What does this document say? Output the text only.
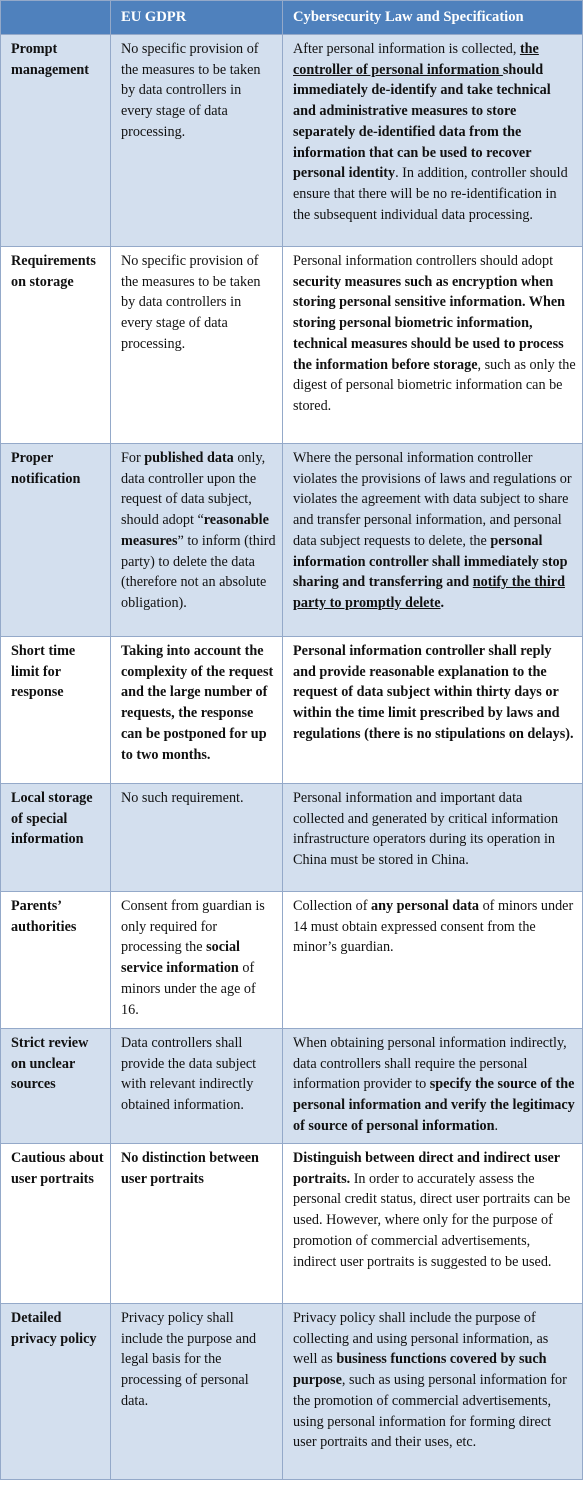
	EU GDPR	Cybersecurity Law and Specification
Prompt management	No specific provision of the measures to be taken by data controllers in every stage of data processing.	After personal information is collected, the controller of personal information should immediately de-identify and take technical and administrative measures to store separately de-identified data from the information that can be used to recover personal identity. In addition, controller should ensure that there will be no re-identification in the subsequent individual data processing.
Requirements on storage	No specific provision of the measures to be taken by data controllers in every stage of data processing.	Personal information controllers should adopt security measures such as encryption when storing personal sensitive information. When storing personal biometric information, technical measures should be used to process the information before storage, such as only the digest of personal biometric information can be stored.
Proper notification	For published data only, data controller upon the request of data subject, should adopt “reasonable measures” to inform (third party) to delete the data (therefore not an absolute obligation).	Where the personal information controller violates the provisions of laws and regulations or violates the agreement with data subject to share and transfer personal information, and personal data subject requests to delete, the personal information controller shall immediately stop sharing and transferring and notify the third party to promptly delete.
Short time limit for response	Taking into account the complexity of the request and the large number of requests, the response can be postponed for up to two months.	Personal information controller shall reply and provide reasonable explanation to the request of data subject within thirty days or within the time limit prescribed by laws and regulations (there is no stipulations on delays).
Local storage of special information	No such requirement.	Personal information and important data collected and generated by critical information infrastructure operators during its operation in China must be stored in China.
Parents’ authorities	Consent from guardian is only required for processing the social service information of minors under the age of 16.	Collection of any personal data of minors under 14 must obtain expressed consent from the minor’s guardian.
Strict review on unclear sources	Data controllers shall provide the data subject with relevant indirectly obtained information.	When obtaining personal information indirectly, data controllers shall require the personal information provider to specify the source of the personal information and verify the legitimacy of source of personal information.
Cautious about user portraits	No distinction between user portraits	Distinguish between direct and indirect user portraits. In order to accurately assess the personal credit status, direct user portraits can be used. However, where only for the purpose of promotion of commercial advertisements, indirect user portraits is suggested to be used.
Detailed privacy policy	Privacy policy shall include the purpose and legal basis for the processing of personal data.	Privacy policy shall include the purpose of collecting and using personal information, as well as business functions covered by such purpose, such as using personal information for the promotion of commercial advertisements, using personal information for forming direct user portraits and their uses, etc.
